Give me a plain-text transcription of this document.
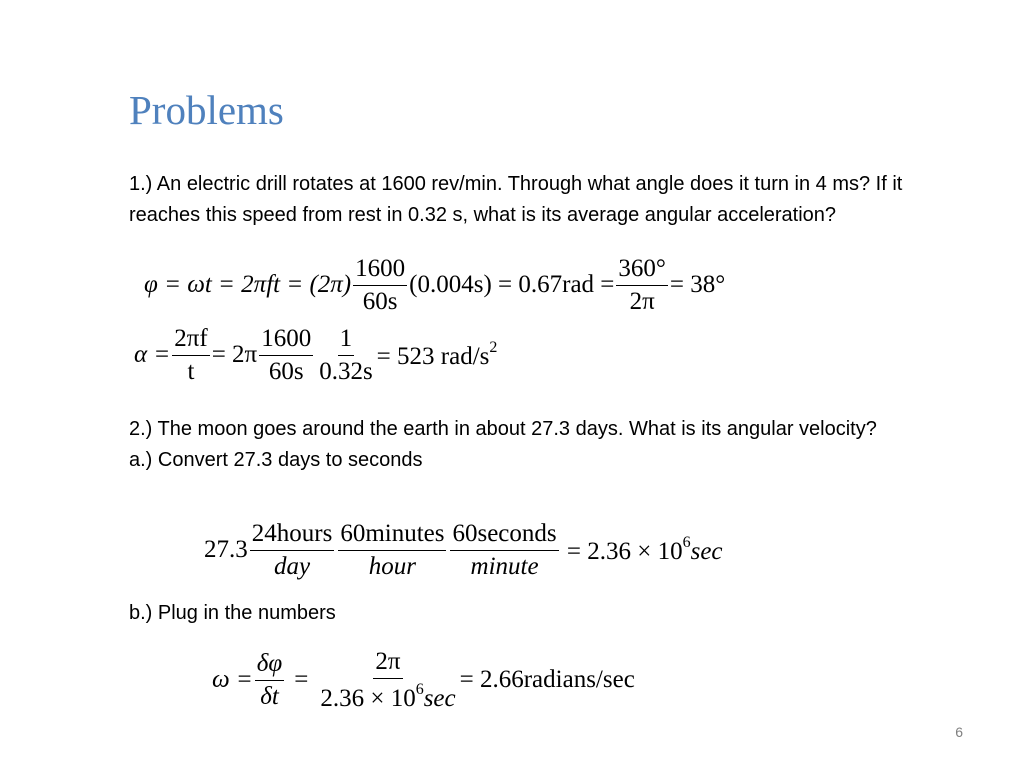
Problems
1.) An electric drill rotates at 1600 rev/min. Through what angle does it turn in 4 ms? If it reaches this speed from rest in 0.32 s, what is its average angular acceleration?
$\varphi = \omega t = 2\pi ft = (2\pi) \frac{1600}{60s} (0.004s) = 0.67rad = \frac{360^\circ}{2\pi} = 38^\circ$
$\alpha = \frac{2\pi f}{t} = 2\pi \frac{1600}{60s} \frac{1}{0.32s} = 523$ rad/$s^2$
2.) The moon goes around the earth in about 27.3 days. What is its angular velocity?
a.) Convert 27.3 days to seconds
$27.3 \frac{\text{24hours}}{\text{day}} \frac{\text{60minutes}}{\text{hour}} \frac{\text{60seconds}}{\text{minute}} = 2.36 \times 10^6\sec$
b.) Plug in the numbers
$\omega = \frac{\delta\varphi}{\delta t} = \frac{2\pi}{2.36 \times 10^6\sec}$ = 2.66radians/sec
6
